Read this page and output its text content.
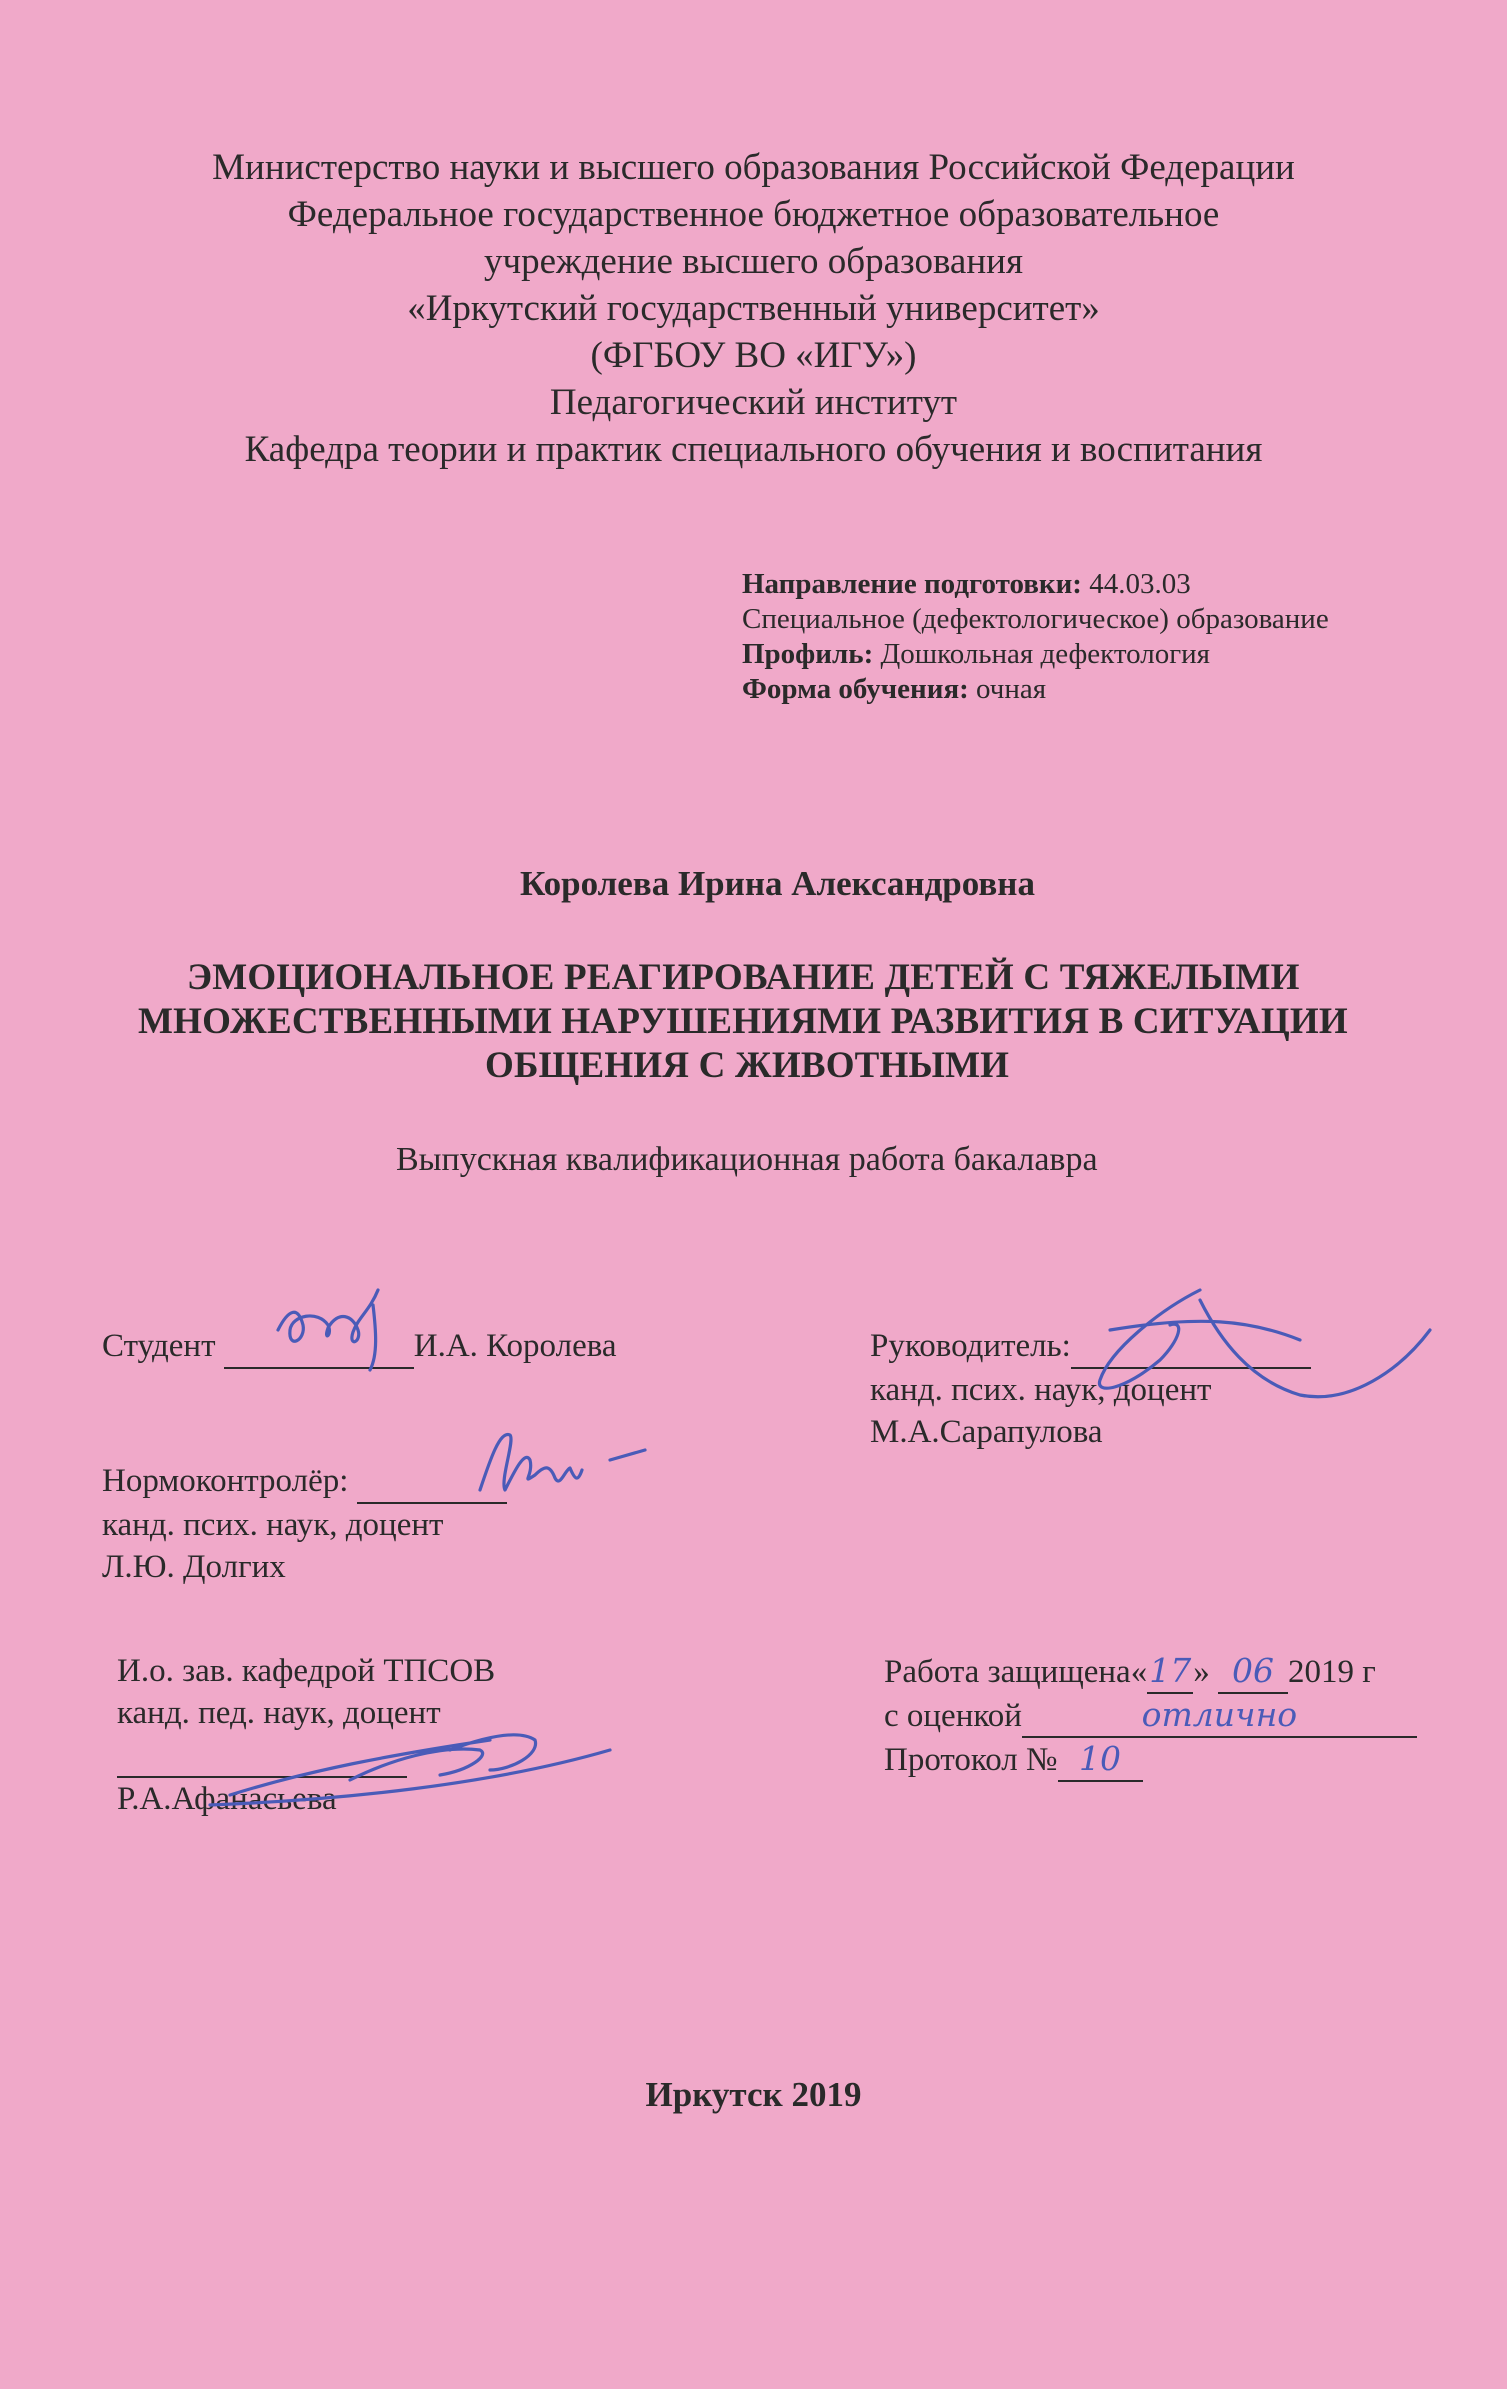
Министерство науки и высшего образования Российской Федерации
Федеральное государственное бюджетное образовательное
учреждение высшего образования
«Иркутский государственный университет»
(ФГБОУ ВО «ИГУ»)
Педагогический институт
Кафедра теории и практик специального обучения и воспитания
Направление подготовки: 44.03.03
Специальное (дефектологическое) образование
Профиль: Дошкольная дефектология
Форма обучения: очная
Королева Ирина Александровна
ЭМОЦИОНАЛЬНОЕ РЕАГИРОВАНИЕ ДЕТЕЙ С ТЯЖЕЛЫМИ
МНОЖЕСТВЕННЫМИ НАРУШЕНИЯМИ РАЗВИТИЯ В СИТУАЦИИ
ОБЩЕНИЯ С ЖИВОТНЫМИ
Выпускная квалификационная работа бакалавра
Студент	И.А. Королева	Руководитель:
канд. псих. наук, доцент
М.А.Сарапулова
Нормоконтролёр:
канд. псих. наук, доцент
Л.Ю. Долгих
И.о. зав. кафедрой ТПСОВ
канд. пед. наук, доцент

Р.А.Афанасьева
Работа защищена«17» 06 2019 г
с оценкой	отлично
Протокол № 10
Иркутск 2019
